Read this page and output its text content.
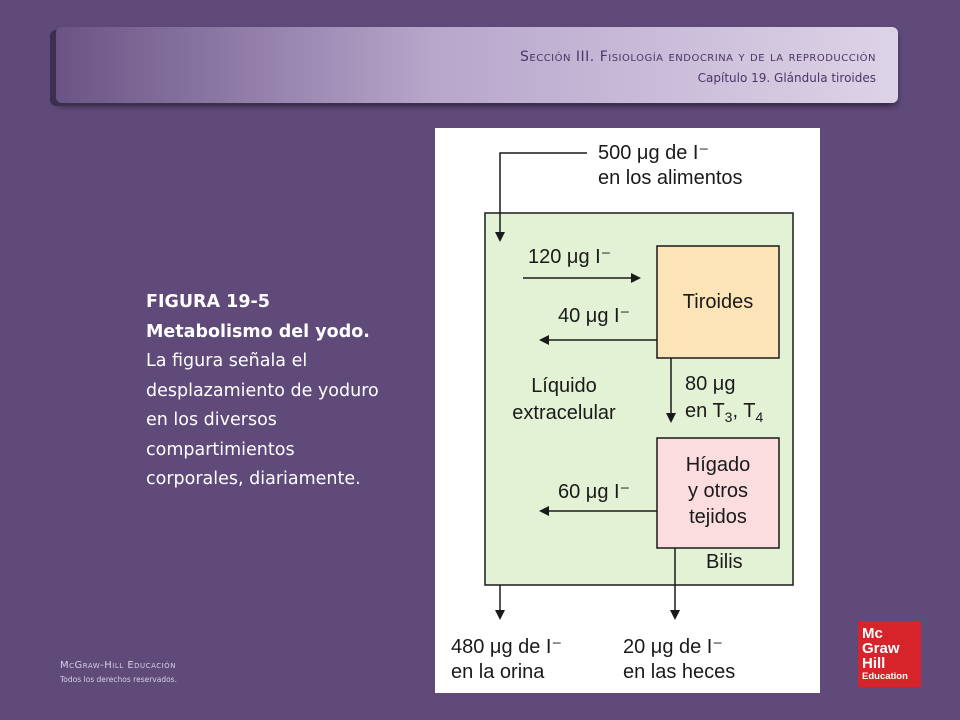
Sección III. Fisiología endocrina y de la reproducción
Capítulo 19. Glándula tiroides
FIGURA 19-5
Metabolismo del yodo.
La figura señala el desplazamiento de yoduro en los diversos compartimientos corporales, diariamente.
500 μg de I⁻
en los alimentos
120 μg I⁻
40 μg I⁻
Tiroides
Líquido
extracelular
80 μg
en $T_3$, $T_4$
Hígado
y otros
tejidos
60 μg I⁻
Bilis
480 μg de I⁻
en la orina
20 μg de I⁻
en las heces
McGraw-Hill Educación
Todos los derechos reservados.
Mc
Graw
Hill
Education
